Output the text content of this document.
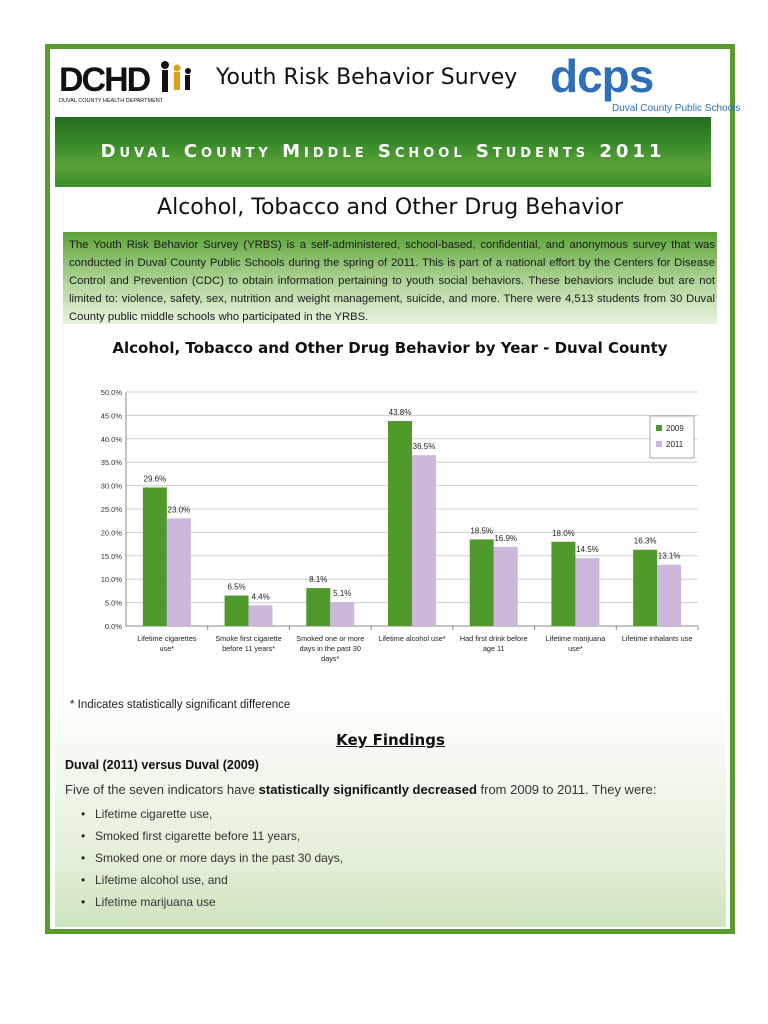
DCHD
DUVAL COUNTY HEALTH DEPARTMENT
Youth Risk Behavior Survey dcps
Duval County Public Schools
Duval County Middle School Students 2011
Alcohol, Tobacco and Other Drug Behavior
The Youth Risk Behavior Survey (YRBS) is a self-administered, school-based, confidential, and anonymous survey that was conducted in Duval County Public Schools during the spring of 2011. This is part of a national effort by the Centers for Disease Control and Prevention (CDC) to obtain information pertaining to youth social behaviors. These behaviors include but are not limited to: violence, safety, sex, nutrition and weight management, suicide, and more. There were 4,513 students from 30 Duval County public middle schools who participated in the YRBS.
Alcohol, Tobacco and Other Drug Behavior by Year - Duval County
0.0%
5.0%
10.0%
15.0%
20.0%
25.0%
30.0%
35.0%
40.0%
45.0%
50.0%
29.6%
23.0%
Lifetime cigarettes
use*
6.5%
4.4%
Smoke first cigarette
before 11 years*
8.1%
5.1%
Smoked one or more
days in the past 30
days*
43.8%
36.5%
Lifetime alcohol use*
18.5%
16.9%
Had first drink before
age 11
18.0%
14.5%
Lifetime marijuana
use*
16.3%
13.1%
Lifetime inhalants use
2009
2011
* Indicates statistically significant difference
Key Findings
Duval (2011) versus Duval (2009)
Five of the seven indicators have statistically significantly decreased from 2009 to 2011. They were:
• Lifetime cigarette use,
• Smoked first cigarette before 11 years,
• Smoked one or more days in the past 30 days,
• Lifetime alcohol use, and
• Lifetime marijuana use
